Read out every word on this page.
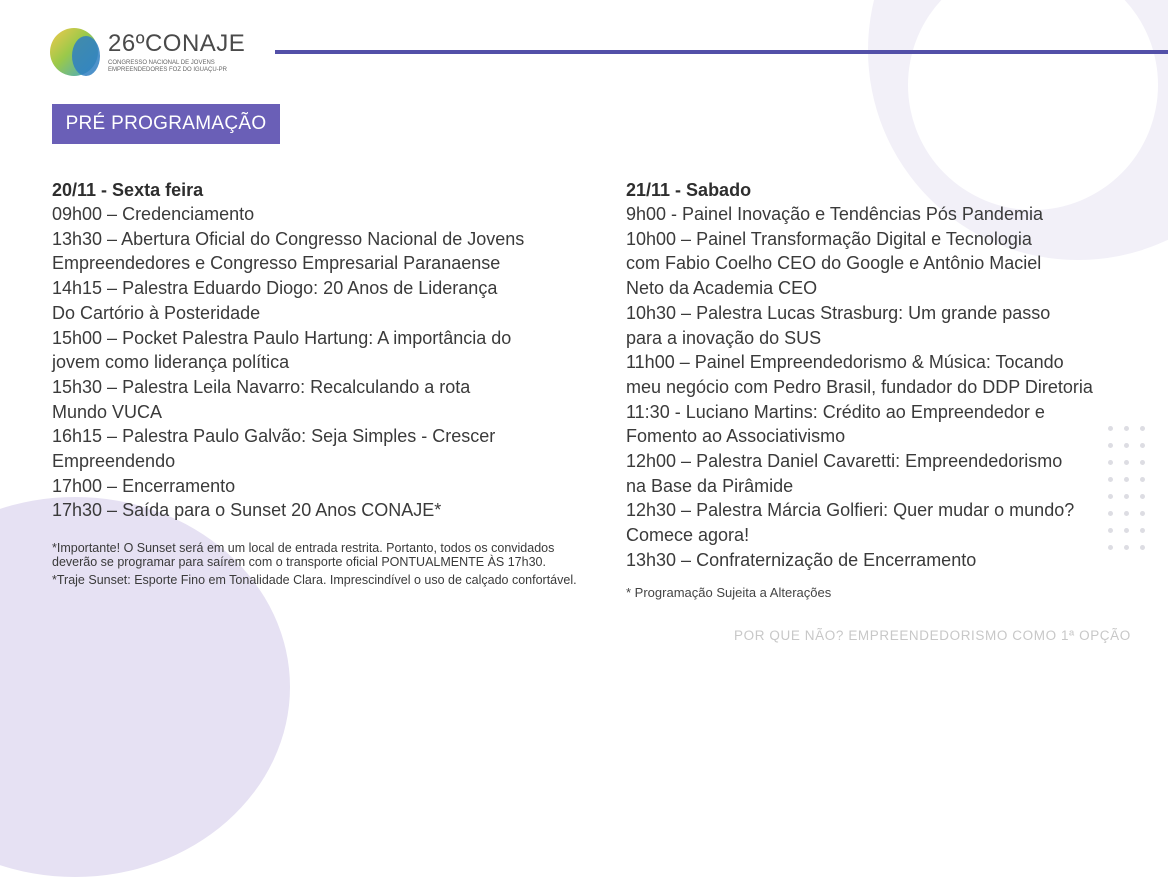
26ºCONAJE
CONGRESSO NACIONAL DE JOVENS
EMPREENDEDORES FOZ DO IGUAÇU-PR
PRÉ PROGRAMAÇÃO
20/11 - Sexta feira
09h00 – Credenciamento
13h30 – Abertura Oficial do Congresso Nacional de Jovens
Empreendedores e Congresso Empresarial Paranaense
14h15 – Palestra Eduardo Diogo: 20 Anos de Liderança
Do Cartório à Posteridade
15h00 – Pocket Palestra Paulo Hartung: A importância do
jovem como liderança política
15h30 – Palestra Leila Navarro: Recalculando a rota
Mundo VUCA
16h15 – Palestra Paulo Galvão: Seja Simples - Crescer
Empreendendo
17h00 – Encerramento
17h30 – Saída para o Sunset 20 Anos CONAJE*
*Importante! O Sunset será em um local de entrada restrita. Portanto, todos os convidados deverão se programar para saírem com o transporte oficial PONTUALMENTE ÀS 17h30.
*Traje Sunset: Esporte Fino em Tonalidade Clara. Imprescindível o uso de calçado confortável.
21/11 - Sabado
9h00 - Painel Inovação e Tendências Pós Pandemia
10h00 – Painel Transformação Digital e Tecnologia
com Fabio Coelho CEO do Google e Antônio Maciel
Neto da Academia CEO
10h30 – Palestra Lucas Strasburg: Um grande passo
para a inovação do SUS
11h00 – Painel Empreendedorismo & Música: Tocando
meu negócio com Pedro Brasil, fundador do DDP Diretoria
11:30 - Luciano Martins: Crédito ao Empreendedor e
Fomento ao Associativismo
12h00 – Palestra Daniel Cavaretti: Empreendedorismo
na Base da Pirâmide
12h30 – Palestra Márcia Golfieri: Quer mudar o mundo?
Comece agora!
13h30 – Confraternização de Encerramento
* Programação Sujeita a Alterações
POR QUE NÃO? EMPREENDEDORISMO COMO 1ª OPÇÃO
